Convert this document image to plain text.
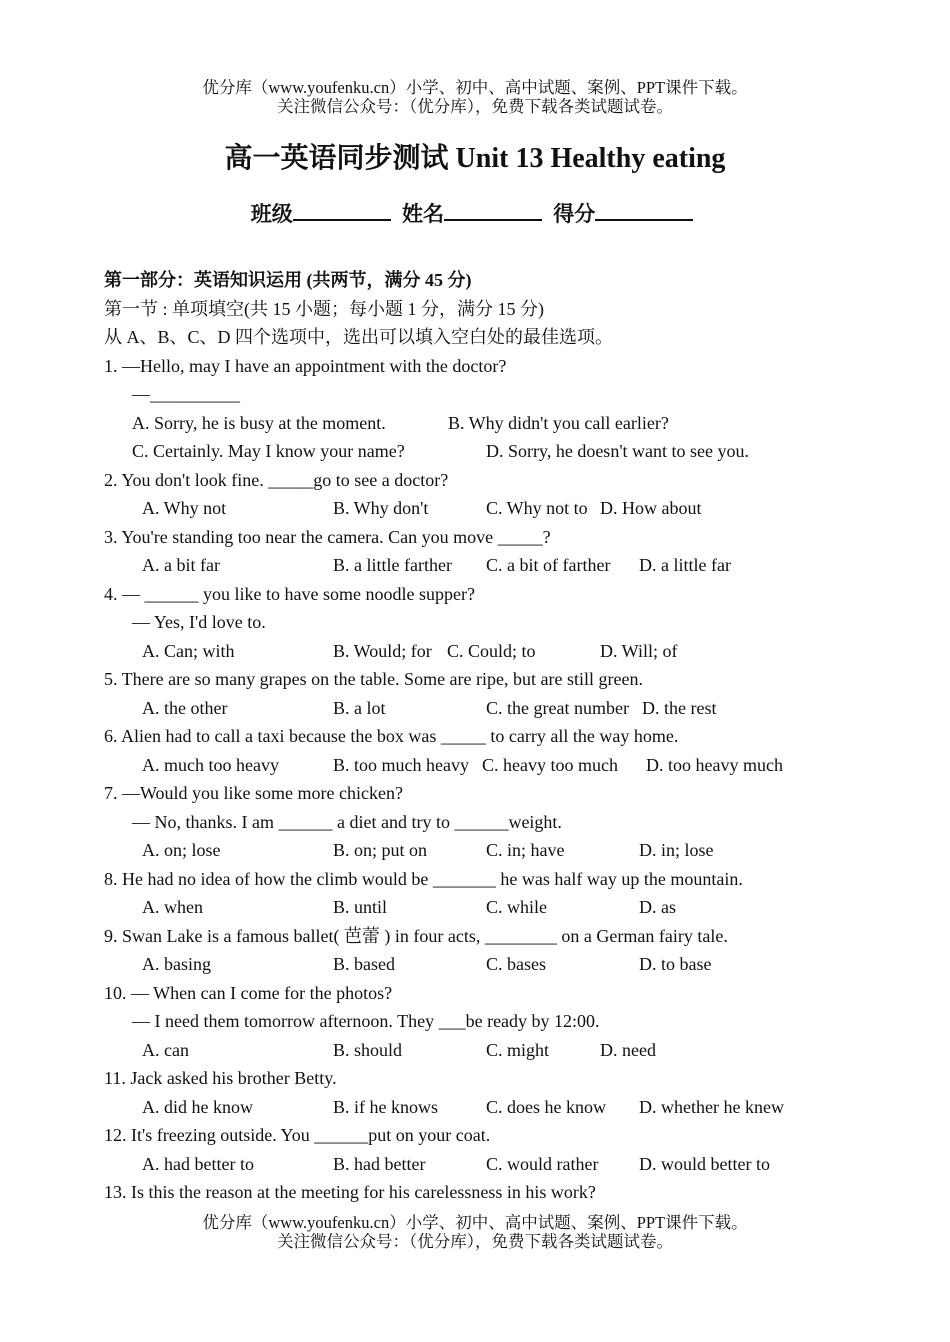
优分库（www.youfenku.cn）小学、初中、高中试题、案例、PPT课件下载。
关注微信公众号：（优分库），免费下载各类试题试卷。
高一英语同步测试 Unit 13 Healthy eating
班级	姓名	得分
第一部分：英语知识运用 (共两节，满分 45 分)
第一节 : 单项填空(共 15 小题；每小题 1 分，满分 15 分)
从 A、B、C、D 四个选项中，选出可以填入空白处的最佳选项。
1. —Hello, may I have an appointment with the doctor?
—__________
A. Sorry, he is busy at the moment.	B. Why didn't you call earlier?
C. Certainly. May I know your name?	D. Sorry, he doesn't want to see you.
2. You don't look fine. _____go to see a doctor?
A. Why not	B. Why don't	C. Why not to D. How about
3. You're standing too near the camera. Can you move _____?
A. a bit far	B. a little farther C. a bit of farther D. a little far
4. — ______ you like to have some noodle supper?
— Yes, I'd love to.
A. Can; with	B. Would; for C. Could; to	D. Will; of
5. There are so many grapes on the table. Some are ripe, but are still green.
A. the other	B. a lot	C. the great number D. the rest
6. Alien had to call a taxi because the box was _____ to carry all the way home.
A. much too heavy	B. too much heavy C. heavy too much D. too heavy much
7. —Would you like some more chicken?
— No, thanks. I am ______ a diet and try to ______weight.
A. on; lose	B. on; put on	C. in; have	D. in; lose
8. He had no idea of how the climb would be _______ he was half way up the mountain.
A. when	B. until	C. while	D. as
9. Swan Lake is a famous ballet( 芭蕾 ) in four acts, ________ on a German fairy tale.
A. basing	B. based	C. bases	D. to base
10. — When can I come for the photos?
— I need them tomorrow afternoon. They ___be ready by 12:00.
A. can	B. should	C. might	D. need
11. Jack asked his brother Betty.
A. did he know	B. if he knows	C. does he know D. whether he knew
12. It's freezing outside. You ______put on your coat.
A. had better to	B. had better	C. would rather D. would better to
13. Is this the reason at the meeting for his carelessness in his work?
优分库（www.youfenku.cn）小学、初中、高中试题、案例、PPT课件下载。
关注微信公众号：（优分库），免费下载各类试题试卷。
